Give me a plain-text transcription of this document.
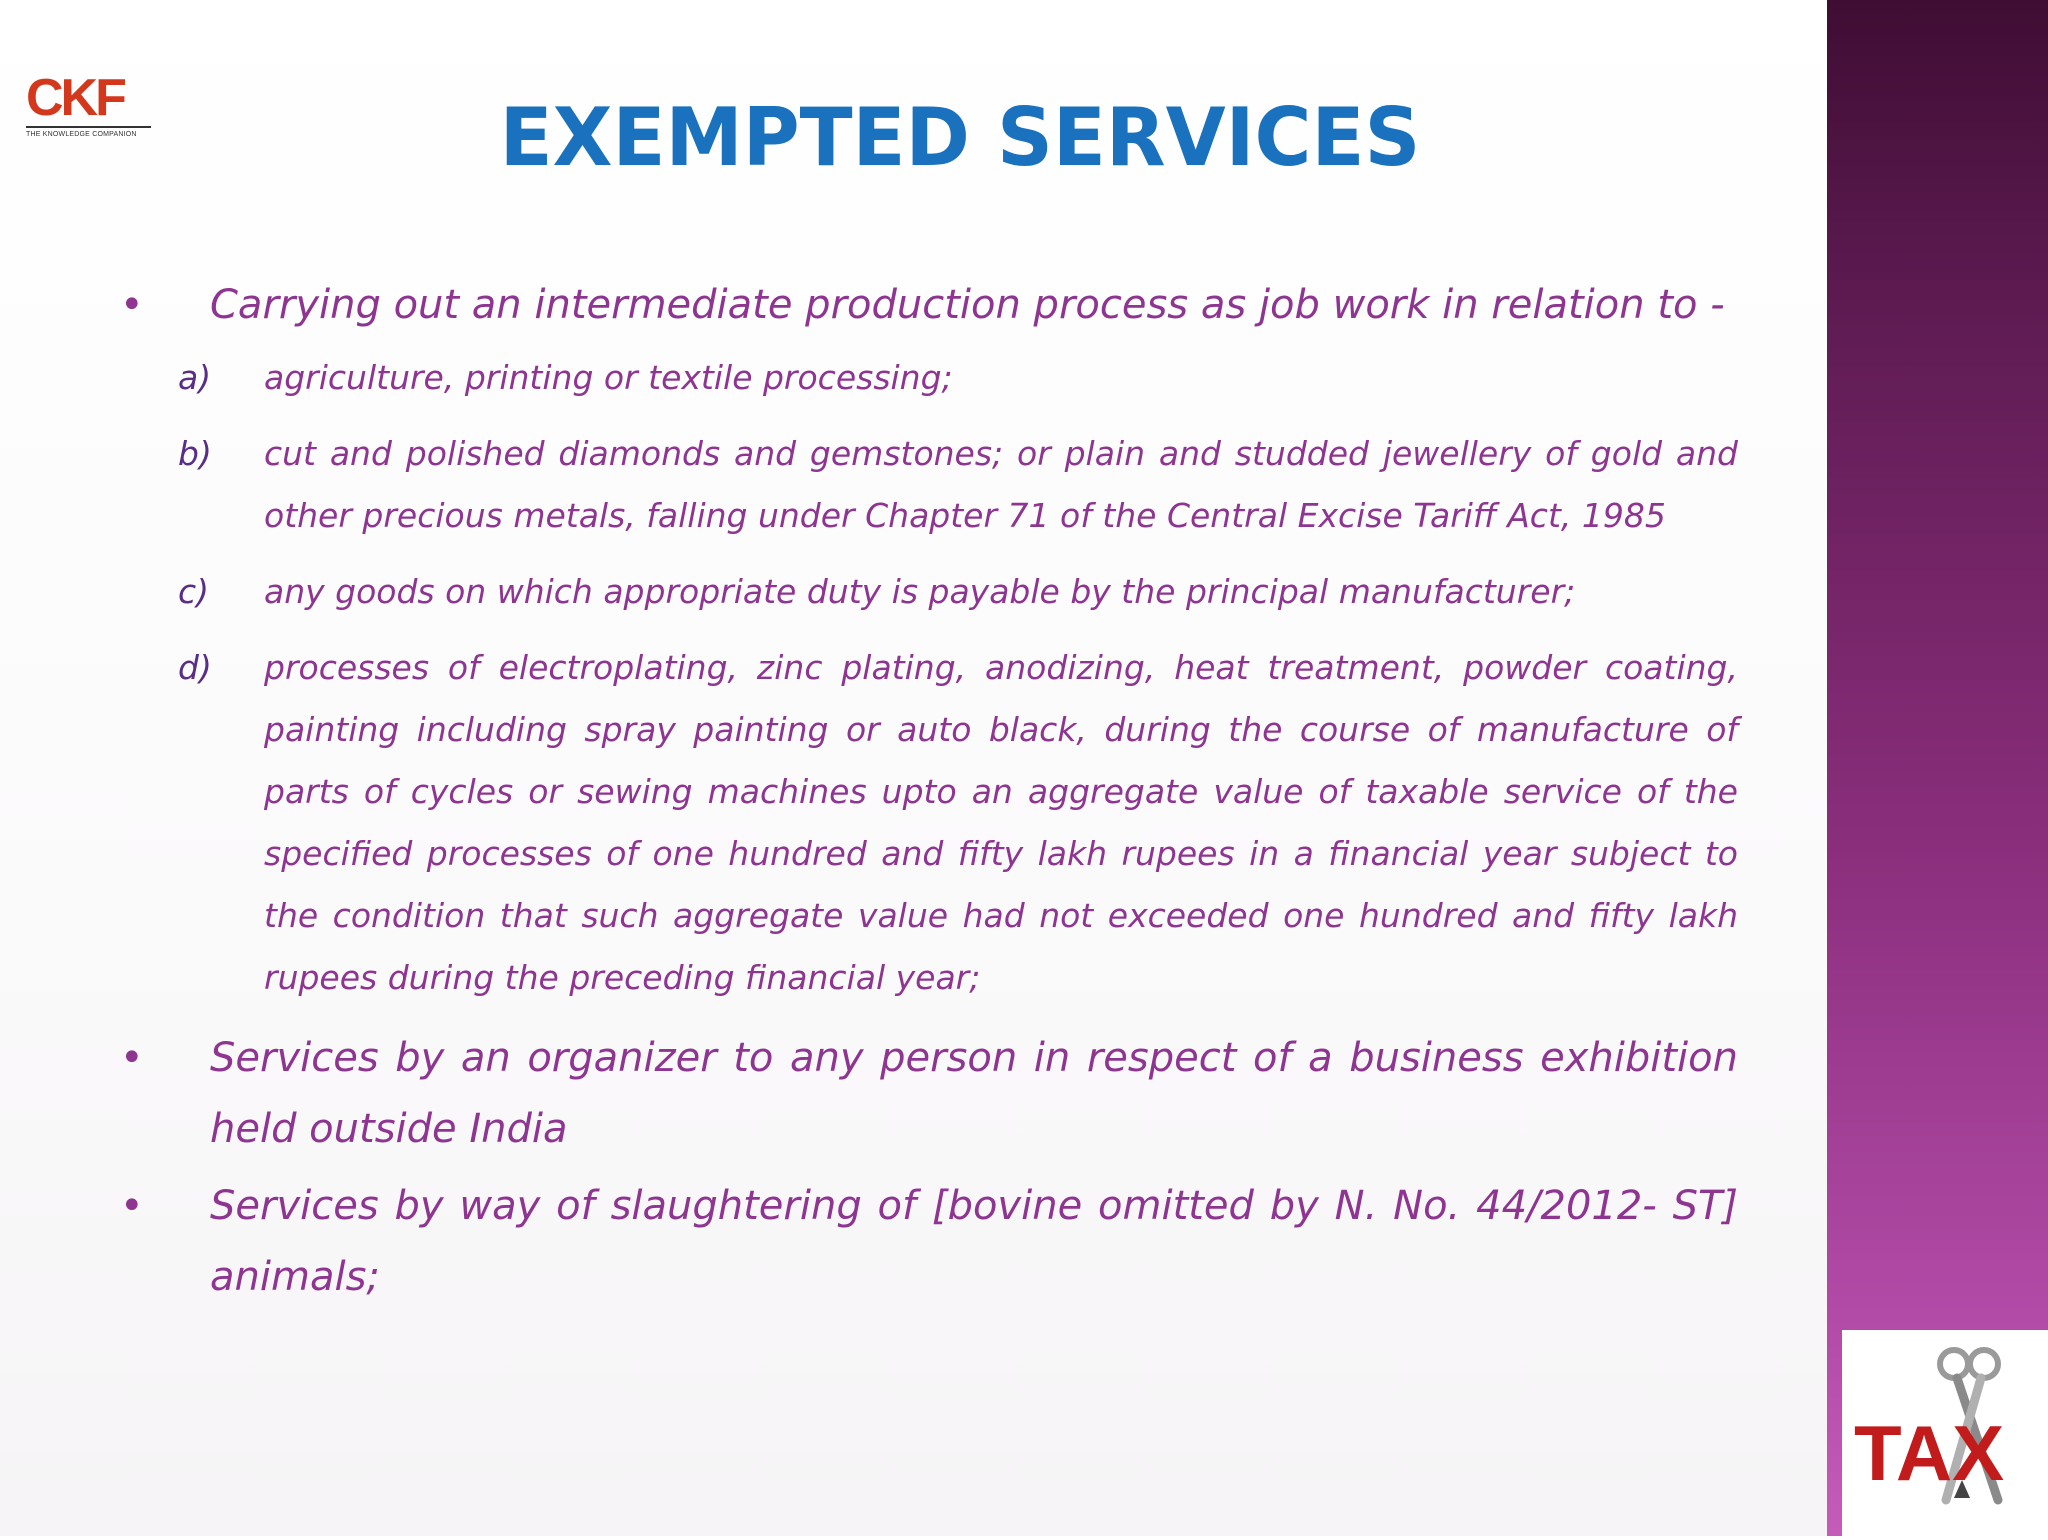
CKF
THE KNOWLEDGE COMPANION	EXEMPTED SERVICES
• Carrying out an intermediate production process as job work in relation to -
a) agriculture, printing or textile processing;
b) cut and polished diamonds and gemstones; or plain and studded jewellery of gold and other precious metals, falling under Chapter 71 of the Central Excise Tariff Act, 1985
c) any goods on which appropriate duty is payable by the principal manufacturer;
d) processes of electroplating, zinc plating, anodizing, heat treatment, powder coating, painting including spray painting or auto black, during the course of manufacture of parts of cycles or sewing machines upto an aggregate value of taxable service of the specified processes of one hundred and fifty lakh rupees in a financial year subject to the condition that such aggregate value had not exceeded one hundred and fifty lakh rupees during the preceding financial year;
• Services by an organizer to any person in respect of a business exhibition held outside India
• Services by way of slaughtering of [bovine omitted by N. No. 44/2012- ST] animals;
TAX
